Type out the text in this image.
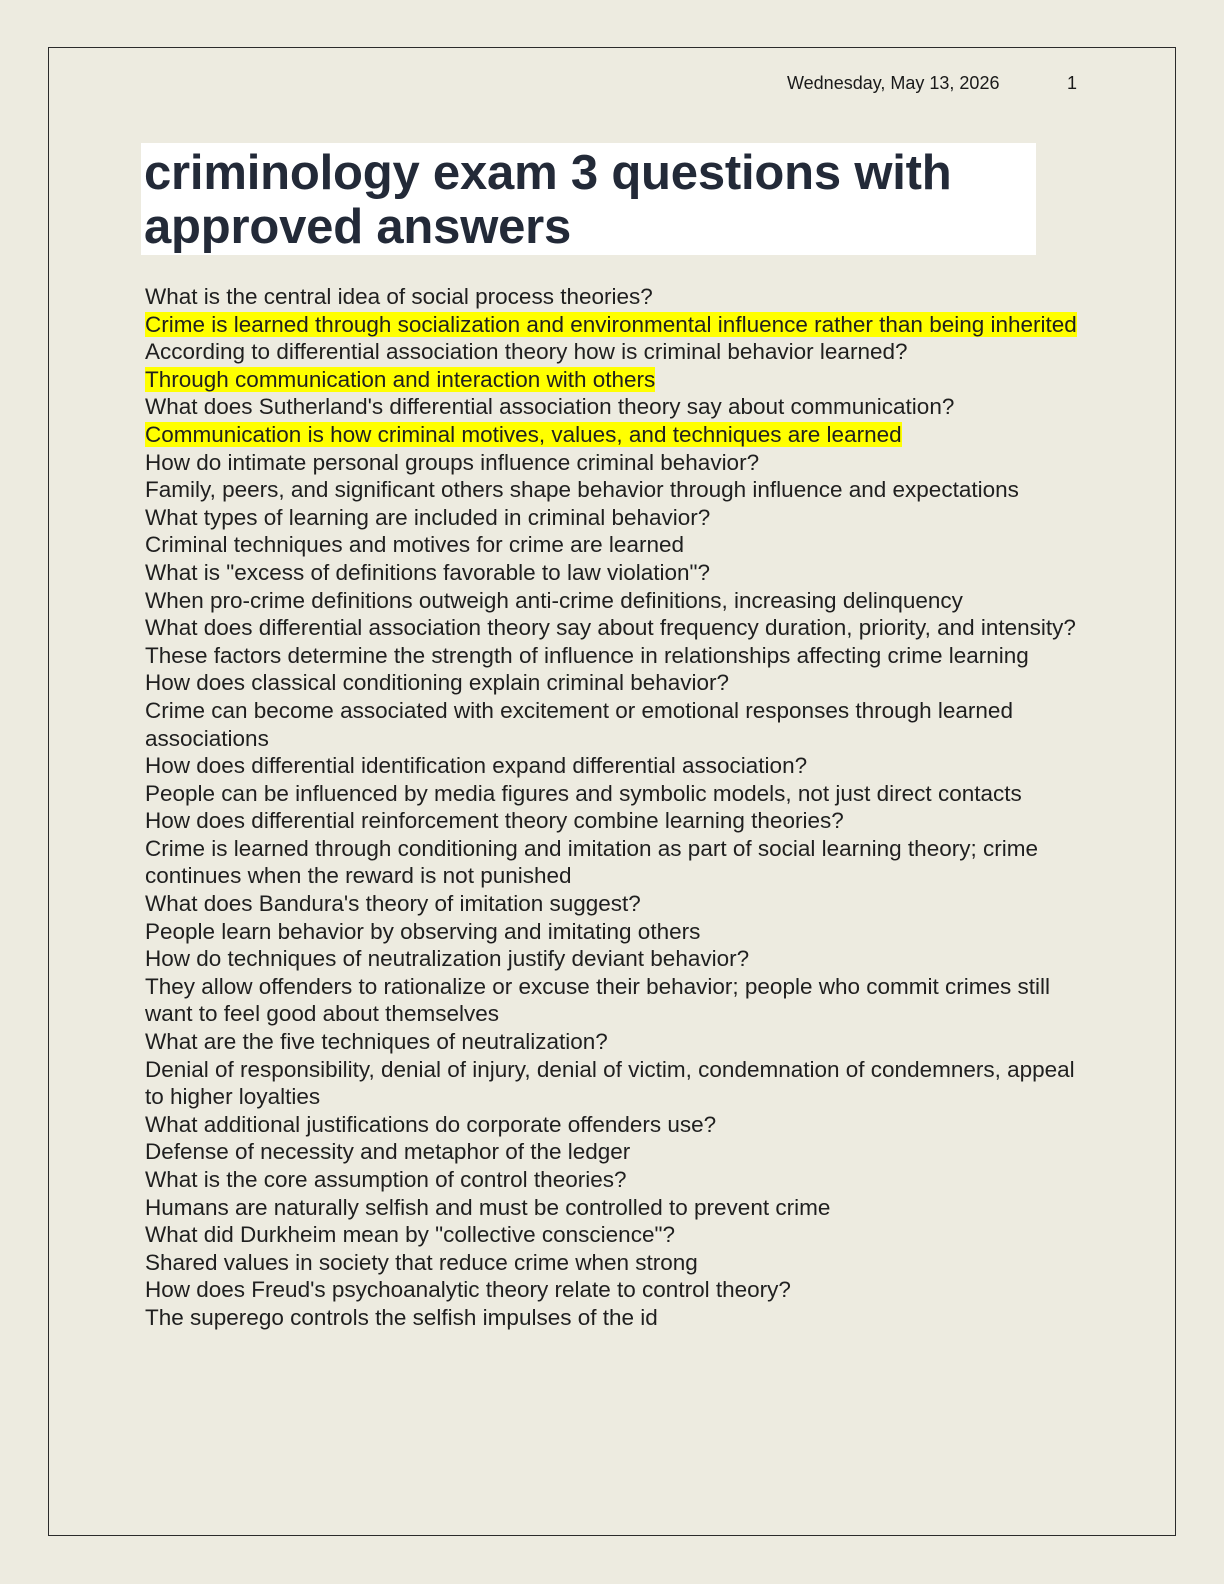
Wednesday, May 13, 2026	1
criminology exam 3 questions with approved answers
What is the central idea of social process theories?
Crime is learned through socialization and environmental influence rather than being inherited
According to differential association theory how is criminal behavior learned?
Through communication and interaction with others
What does Sutherland's differential association theory say about communication?
Communication is how criminal motives, values, and techniques are learned
How do intimate personal groups influence criminal behavior?
Family, peers, and significant others shape behavior through influence and expectations
What types of learning are included in criminal behavior?
Criminal techniques and motives for crime are learned
What is "excess of definitions favorable to law violation"?
When pro-crime definitions outweigh anti-crime definitions, increasing delinquency
What does differential association theory say about frequency duration, priority, and intensity?
These factors determine the strength of influence in relationships affecting crime learning
How does classical conditioning explain criminal behavior?
Crime can become associated with excitement or emotional responses through learned associations
How does differential identification expand differential association?
People can be influenced by media figures and symbolic models, not just direct contacts
How does differential reinforcement theory combine learning theories?
Crime is learned through conditioning and imitation as part of social learning theory; crime continues when the reward is not punished
What does Bandura's theory of imitation suggest?
People learn behavior by observing and imitating others
How do techniques of neutralization justify deviant behavior?
They allow offenders to rationalize or excuse their behavior; people who commit crimes still want to feel good about themselves
What are the five techniques of neutralization?
Denial of responsibility, denial of injury, denial of victim, condemnation of condemners, appeal to higher loyalties
What additional justifications do corporate offenders use?
Defense of necessity and metaphor of the ledger
What is the core assumption of control theories?
Humans are naturally selfish and must be controlled to prevent crime
What did Durkheim mean by "collective conscience"?
Shared values in society that reduce crime when strong
How does Freud's psychoanalytic theory relate to control theory?
The superego controls the selfish impulses of the id
